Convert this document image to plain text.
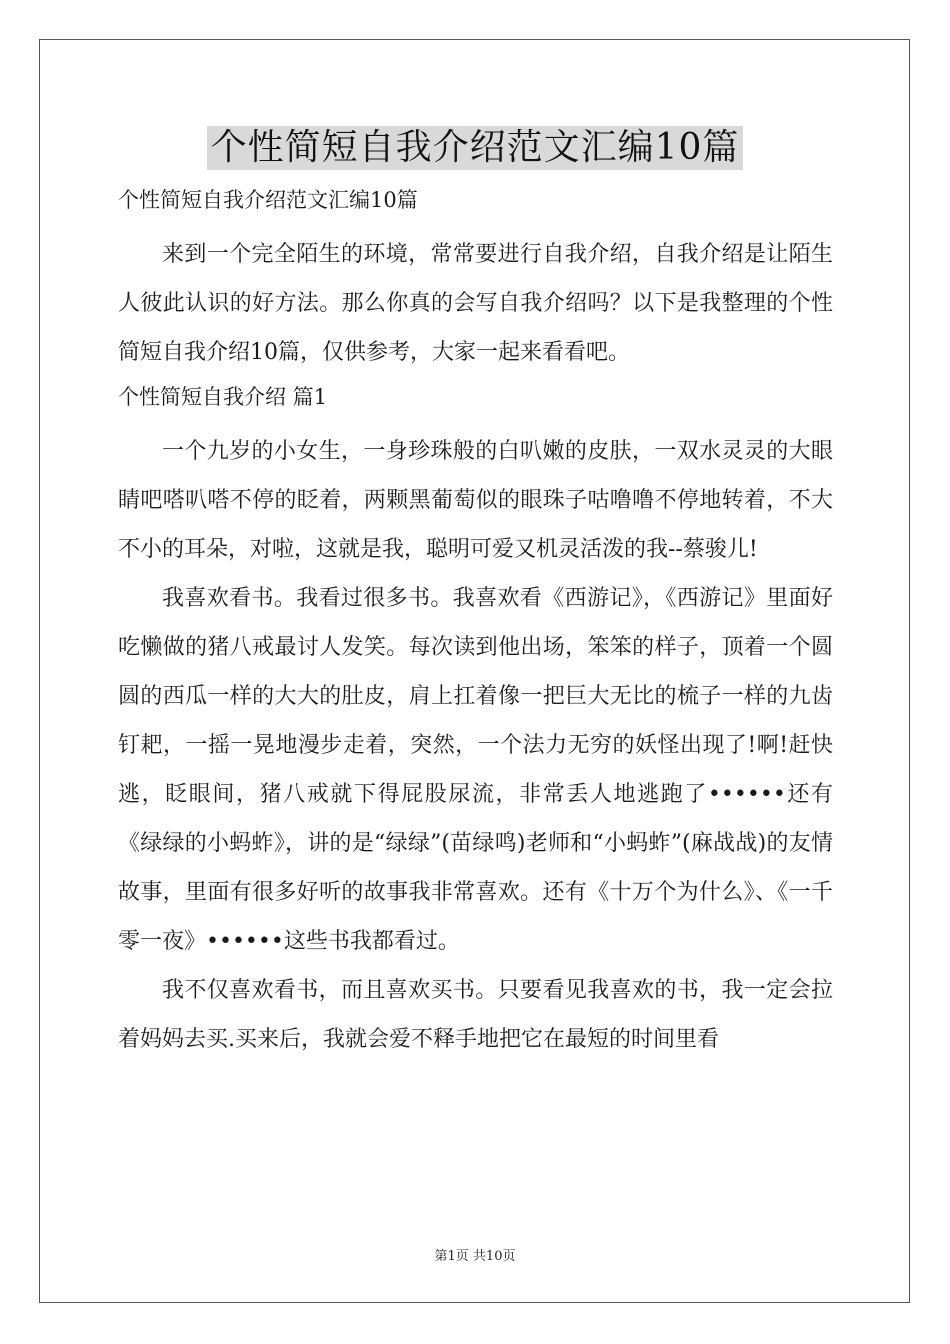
个性简短自我介绍范文汇编10篇
个性简短自我介绍范文汇编10篇

来到一个完全陌生的环境，常常要进行自我介绍，自我介绍是让陌生人彼此认识的好方法。那么你真的会写自我介绍吗？以下是我整理的个性简短自我介绍10篇，仅供参考，大家一起来看看吧。

个性简短自我介绍 篇1

一个九岁的小女生，一身珍珠般的白叭嫩的皮肤，一双水灵灵的大眼睛吧嗒叭嗒不停的眨着，两颗黑葡萄似的眼珠子咕噜噜不停地转着，不大不小的耳朵，对啦，这就是我，聪明可爱又机灵活泼的我--蔡骏儿!

我喜欢看书。我看过很多书。我喜欢看《西游记》，《西游记》里面好吃懒做的猪八戒最讨人发笑。每次读到他出场，笨笨的样子，顶着一个圆圆的西瓜一样的大大的肚皮，肩上扛着像一把巨大无比的梳子一样的九齿钉耙，一摇一晃地漫步走着，突然，一个法力无穷的妖怪出现了!啊!赶快逃，眨眼间，猪八戒就下得屁股尿流，非常丢人地逃跑了••••••还有《绿绿的小蚂蚱》，讲的是“绿绿”(苗绿鸣)老师和“小蚂蚱”(麻战战)的友情故事，里面有很多好听的故事我非常喜欢。还有《十万个为什么》、《一千零一夜》••••••这些书我都看过。

我不仅喜欢看书，而且喜欢买书。只要看见我喜欢的书，我一定会拉着妈妈去买.买来后，我就会爱不释手地把它在最短的时间里看

第1页 共10页
